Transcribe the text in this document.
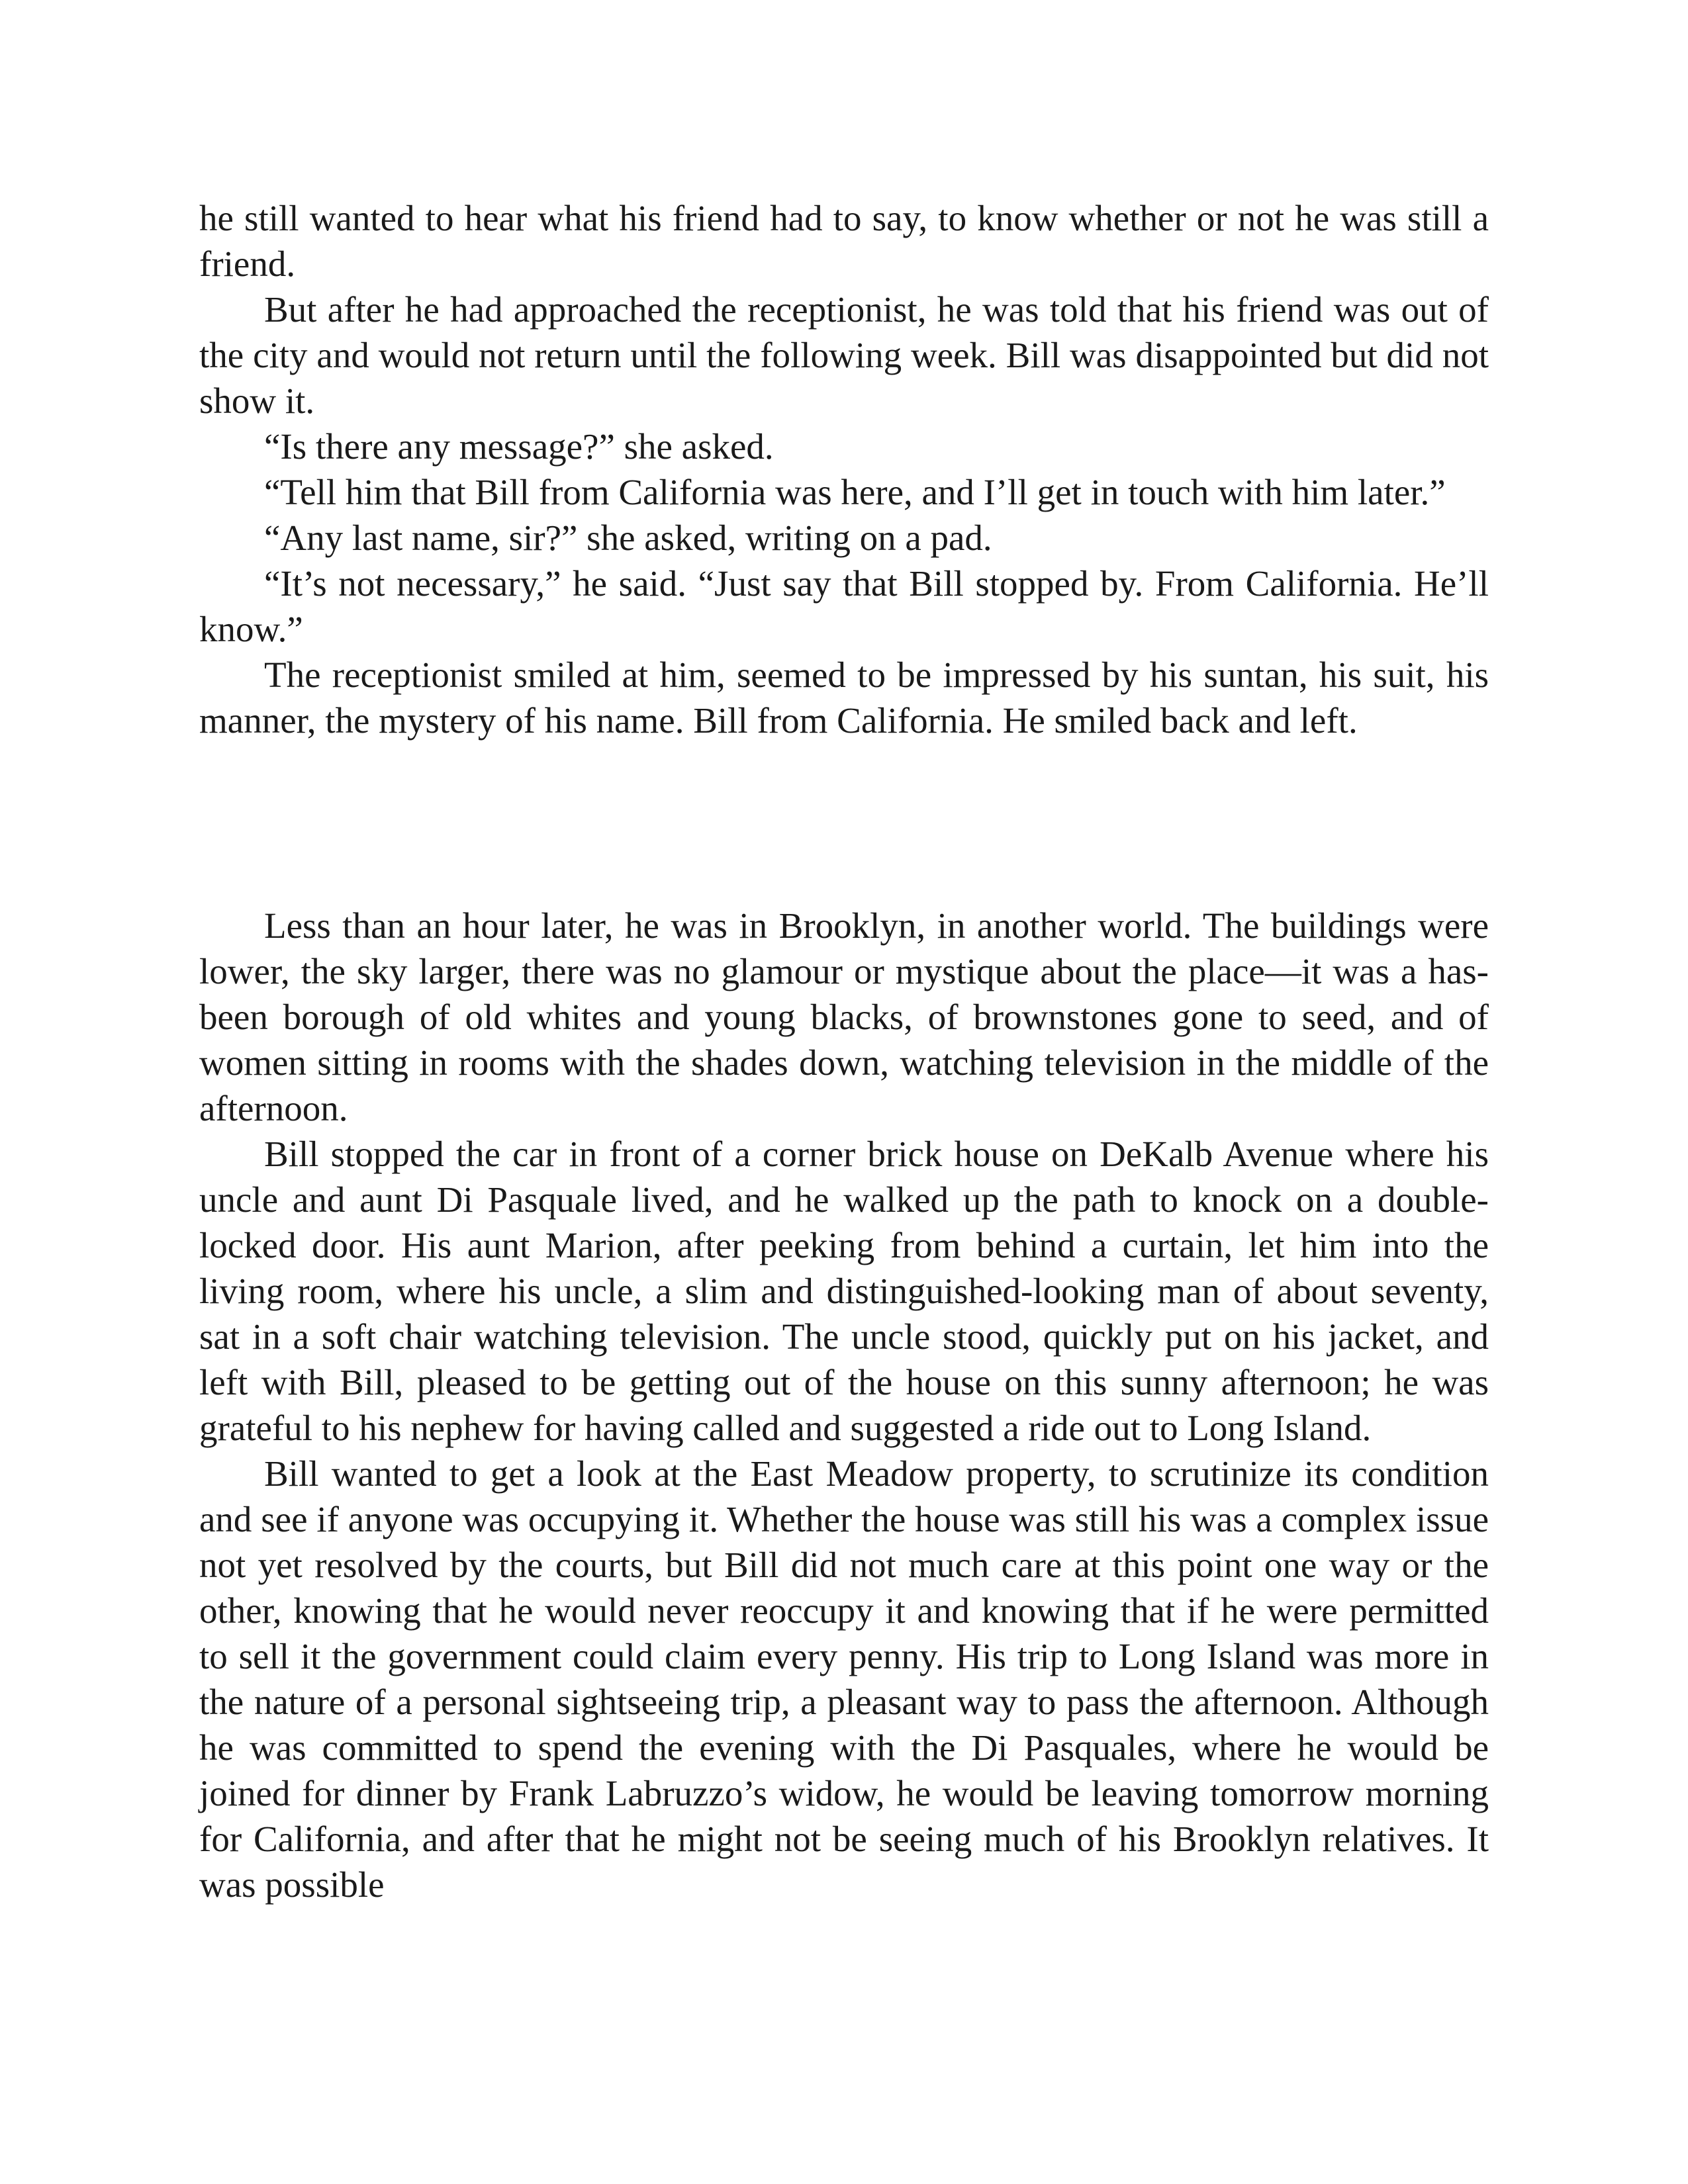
he still wanted to hear what his friend had to say, to know whether or not he was still a friend.

But after he had approached the receptionist, he was told that his friend was out of the city and would not return until the following week. Bill was disappointed but did not show it.

“Is there any message?” she asked.

“Tell him that Bill from California was here, and I’ll get in touch with him later.”

“Any last name, sir?” she asked, writing on a pad.

“It’s not necessary,” he said. “Just say that Bill stopped by. From California. He’ll know.”

The receptionist smiled at him, seemed to be impressed by his suntan, his suit, his manner, the mystery of his name. Bill from California. He smiled back and left.

Less than an hour later, he was in Brooklyn, in another world. The buildings were lower, the sky larger, there was no glamour or mystique about the place—it was a has-been borough of old whites and young blacks, of brownstones gone to seed, and of women sitting in rooms with the shades down, watching television in the middle of the afternoon.

Bill stopped the car in front of a corner brick house on DeKalb Avenue where his uncle and aunt Di Pasquale lived, and he walked up the path to knock on a double-locked door. His aunt Marion, after peeking from behind a curtain, let him into the living room, where his uncle, a slim and distinguished-looking man of about seventy, sat in a soft chair watching television. The uncle stood, quickly put on his jacket, and left with Bill, pleased to be getting out of the house on this sunny afternoon; he was grateful to his nephew for having called and suggested a ride out to Long Island.

Bill wanted to get a look at the East Meadow property, to scrutinize its condition and see if anyone was occupying it. Whether the house was still his was a complex issue not yet resolved by the courts, but Bill did not much care at this point one way or the other, knowing that he would never reoccupy it and knowing that if he were permitted to sell it the government could claim every penny. His trip to Long Island was more in the nature of a personal sightseeing trip, a pleasant way to pass the afternoon. Although he was committed to spend the evening with the Di Pasquales, where he would be joined for dinner by Frank Labruzzo’s widow, he would be leaving tomorrow morning for California, and after that he might not be seeing much of his Brooklyn relatives. It was possible
